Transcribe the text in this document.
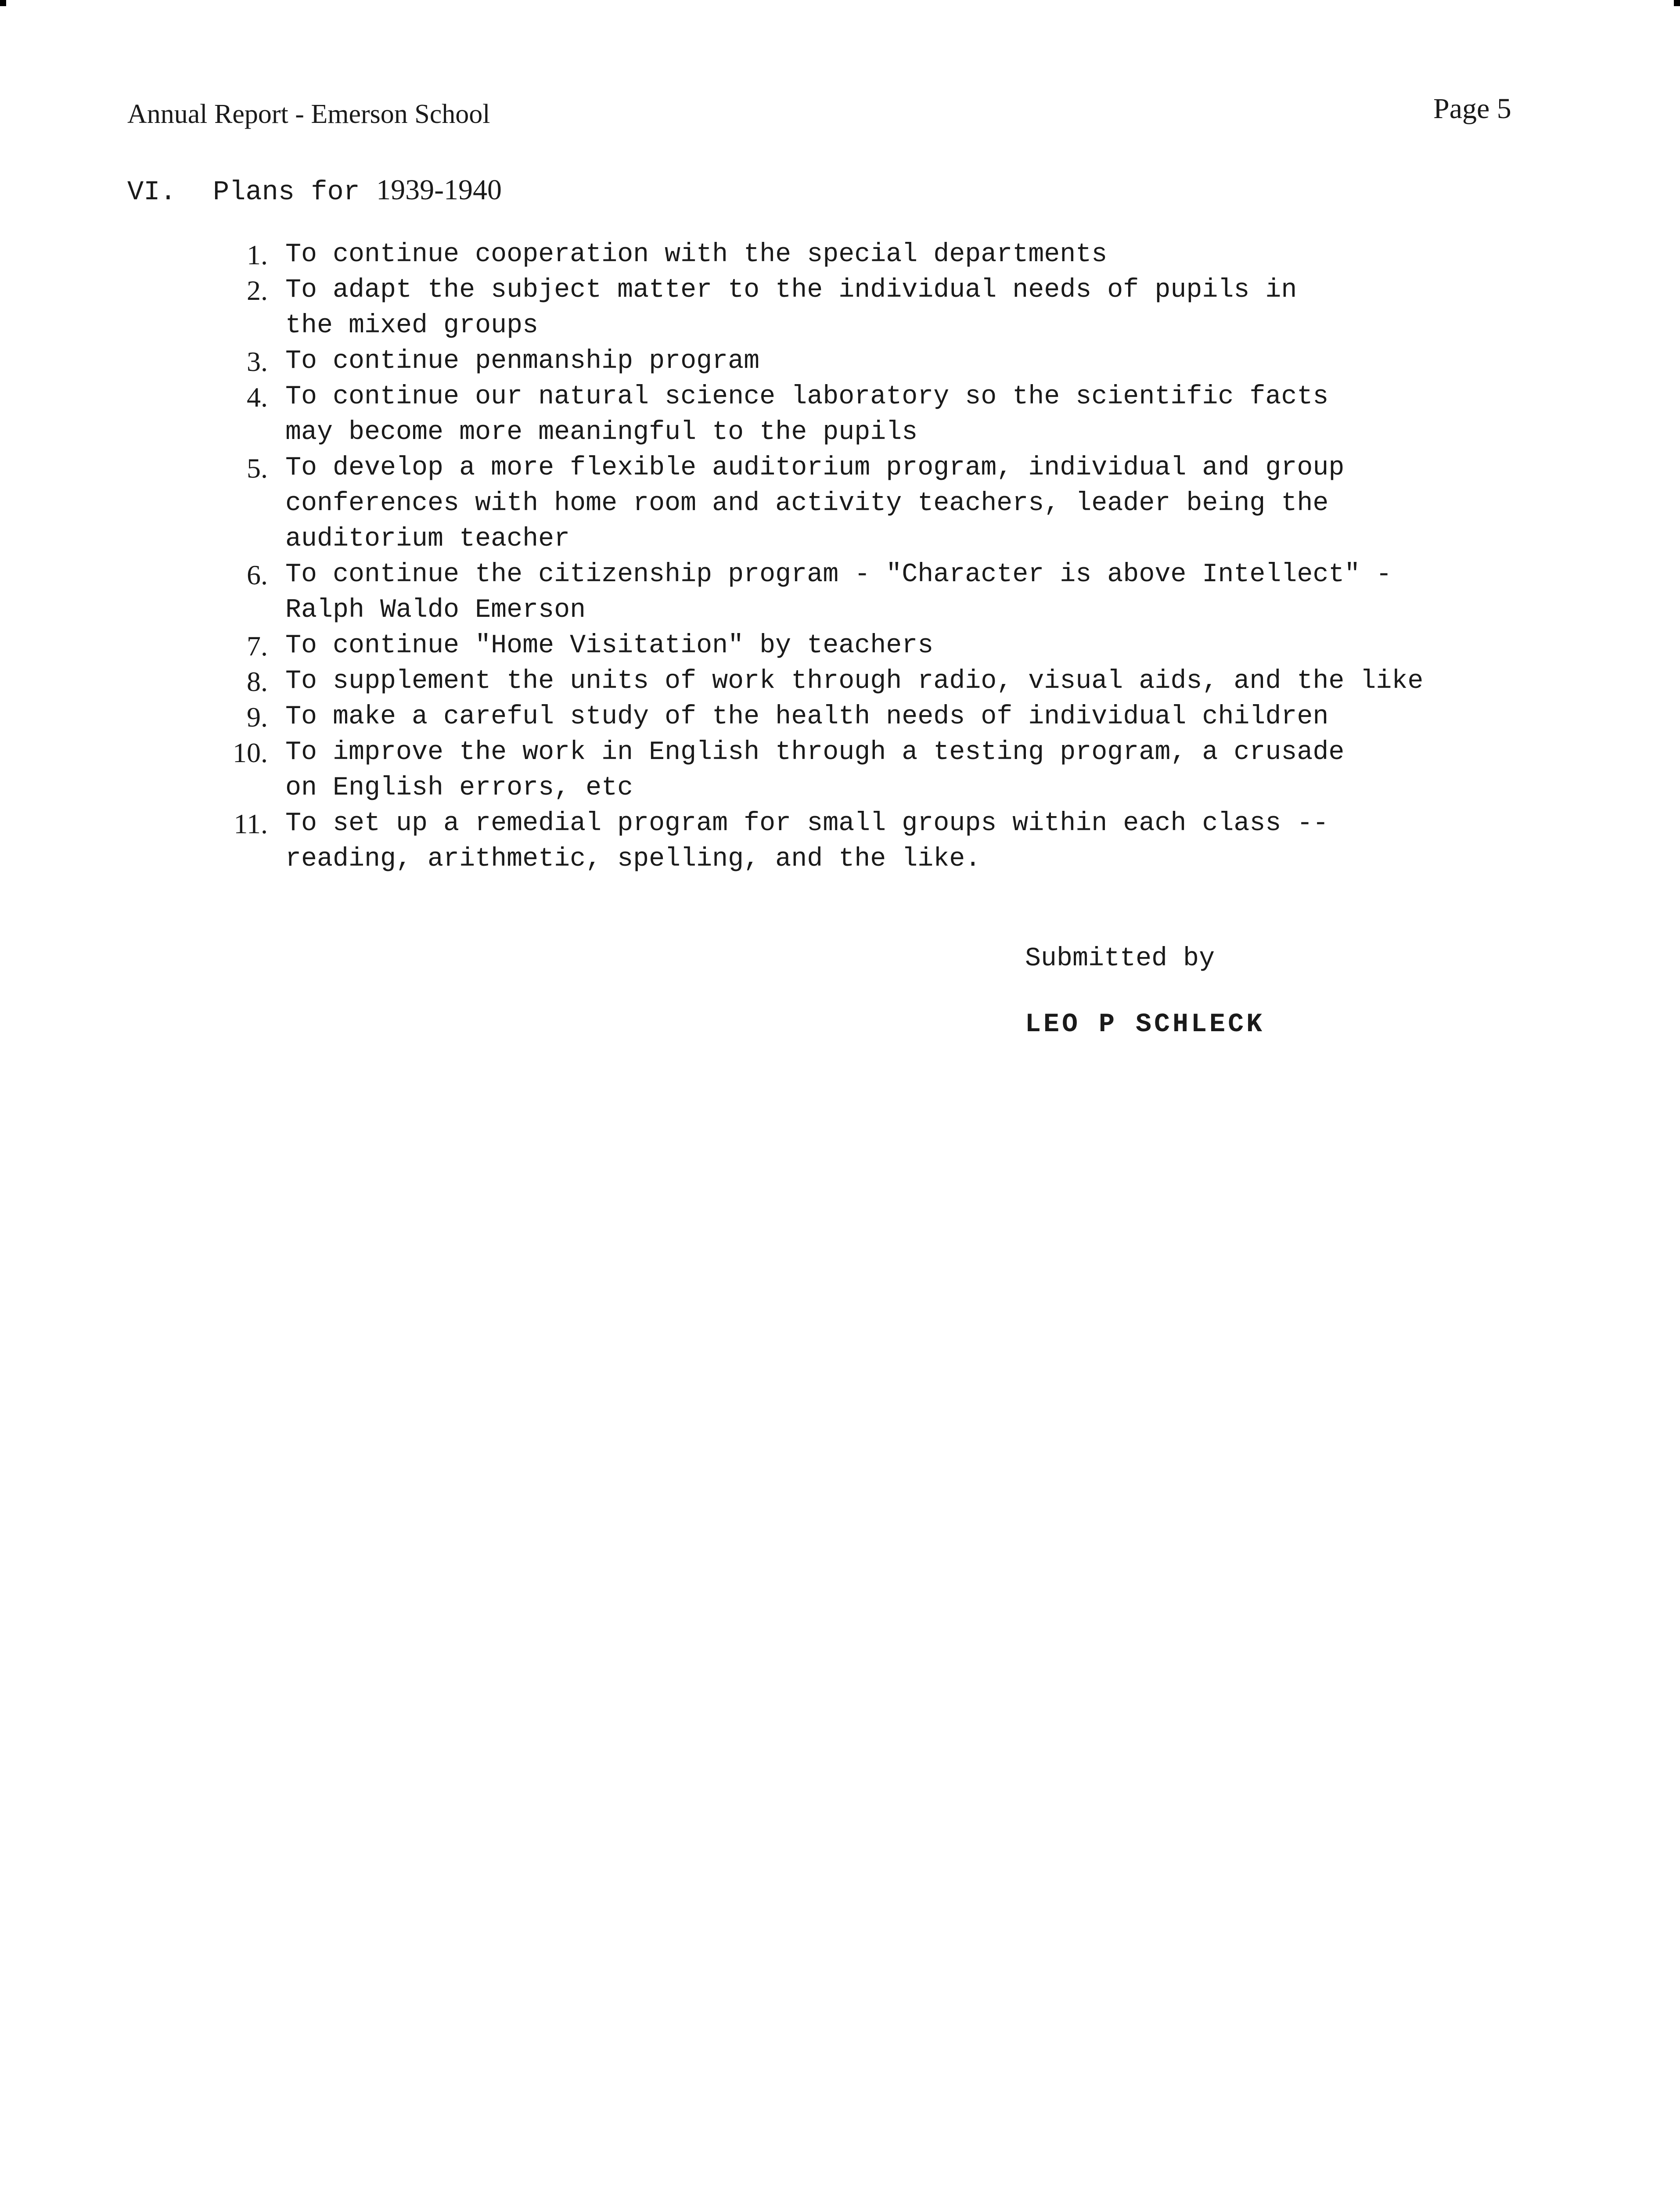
Annual Report - Emerson School	Page 5
VI. Plans for 1939-1940
1. To continue cooperation with the special departments
2. To adapt the subject matter to the individual needs of pupils in
the mixed groups
3. To continue penmanship program
4. To continue our natural science laboratory so the scientific facts
may become more meaningful to the pupils
5. To develop a more flexible auditorium program, individual and group
conferences with home room and activity teachers, leader being the
auditorium teacher
6. To continue the citizenship program - "Character is above Intellect" -
Ralph Waldo Emerson
7. To continue "Home Visitation" by teachers
8. To supplement the units of work through radio, visual aids, and the like
9. To make a careful study of the health needs of individual children
10. To improve the work in English through a testing program, a crusade
on English errors, etc
11. To set up a remedial program for small groups within each class --
reading, arithmetic, spelling, and the like.
Submitted by
LEO P SCHLECK
